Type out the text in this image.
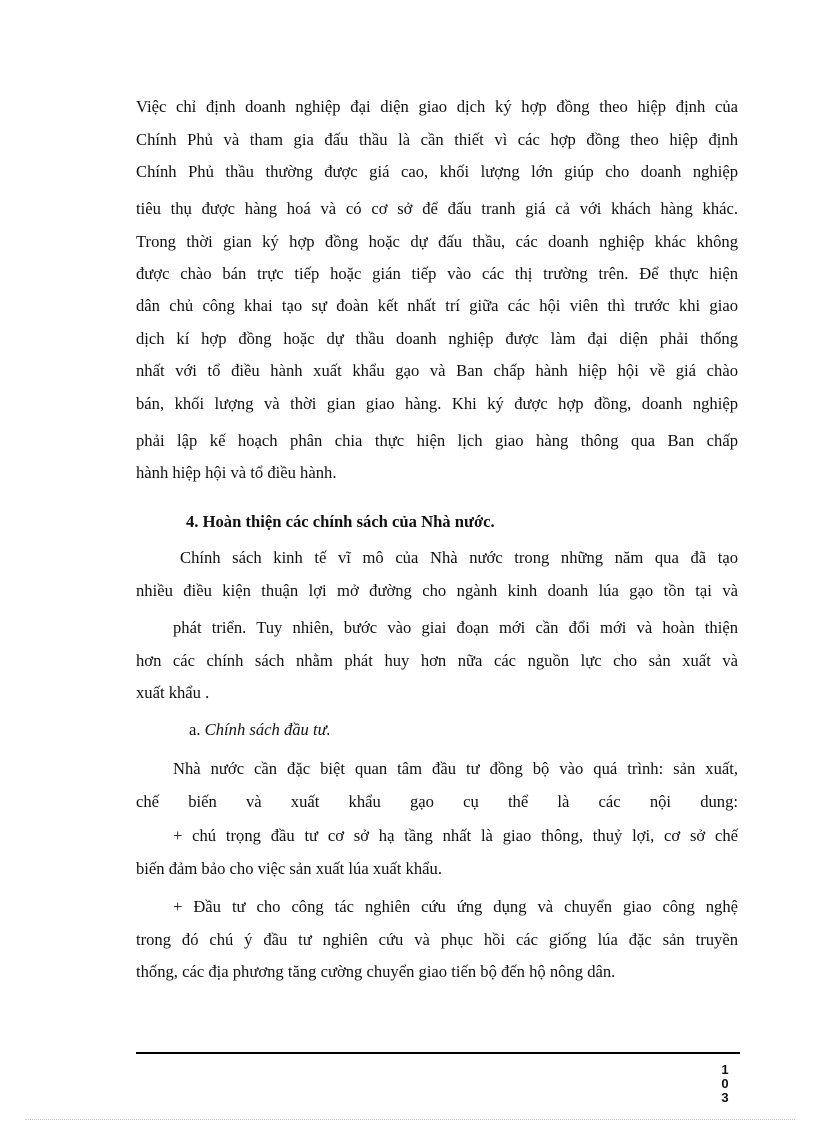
Việc chỉ định doanh nghiệp đại diện giao dịch ký hợp đồng theo hiệp định của
Chính Phủ và tham gia đấu thầu là cần thiết vì các hợp đồng theo hiệp định
Chính Phủ thầu thường được giá cao, khối lượng lớn giúp cho doanh nghiệp
tiêu thụ được hàng hoá và có cơ sở để đấu tranh giá cả với khách hàng khác.
Trong thời gian ký hợp đồng hoặc dự đấu thầu, các doanh nghiệp khác không
được chào bán trực tiếp hoặc gián tiếp vào các thị trường trên. Để thực hiện
dân chủ công khai tạo sự đoàn kết nhất trí giữa các hội viên thì trước khi giao
dịch kí hợp đồng hoặc dự thầu doanh nghiệp được làm đại diện phải thống
nhất với tổ điều hành xuất khẩu gạo và Ban chấp hành hiệp hội về giá chào
bán, khối lượng và thời gian giao hàng. Khi ký được hợp đồng, doanh nghiệp
phải lập kế hoạch phân chia thực hiện lịch giao hàng thông qua Ban chấp
hành hiệp hội và tổ điều hành.
4. Hoàn thiện các chính sách của Nhà nước.
Chính sách kinh tế vĩ mô của Nhà nước trong những năm qua đã tạo
nhiều điều kiện thuận lợi mở đường cho ngành kinh doanh lúa gạo tồn tại và
phát triển. Tuy nhiên, bước vào giai đoạn mới cần đổi mới và hoàn thiện
hơn các chính sách nhằm phát huy hơn nữa các nguồn lực cho sản xuất và
xuất khẩu .
a. Chính sách đầu tư.
Nhà nước cần đặc biệt quan tâm đầu tư đồng bộ vào quá trình: sản xuất,
chế biến và xuất khẩu gạo cụ thể là các nội dung:
+ chú trọng đầu tư cơ sở hạ tầng nhất là giao thông, thuỷ lợi, cơ sở chế
biến đảm bảo cho việc sản xuất lúa xuất khẩu.
+ Đầu tư cho công tác nghiên cứu ứng dụng và chuyển giao công nghệ
trong đó chú ý đầu tư nghiên cứu và phục hồi các giống lúa đặc sản truyền
thống, các địa phương tăng cường chuyển giao tiến bộ đến hộ nông dân.
1
0
3
